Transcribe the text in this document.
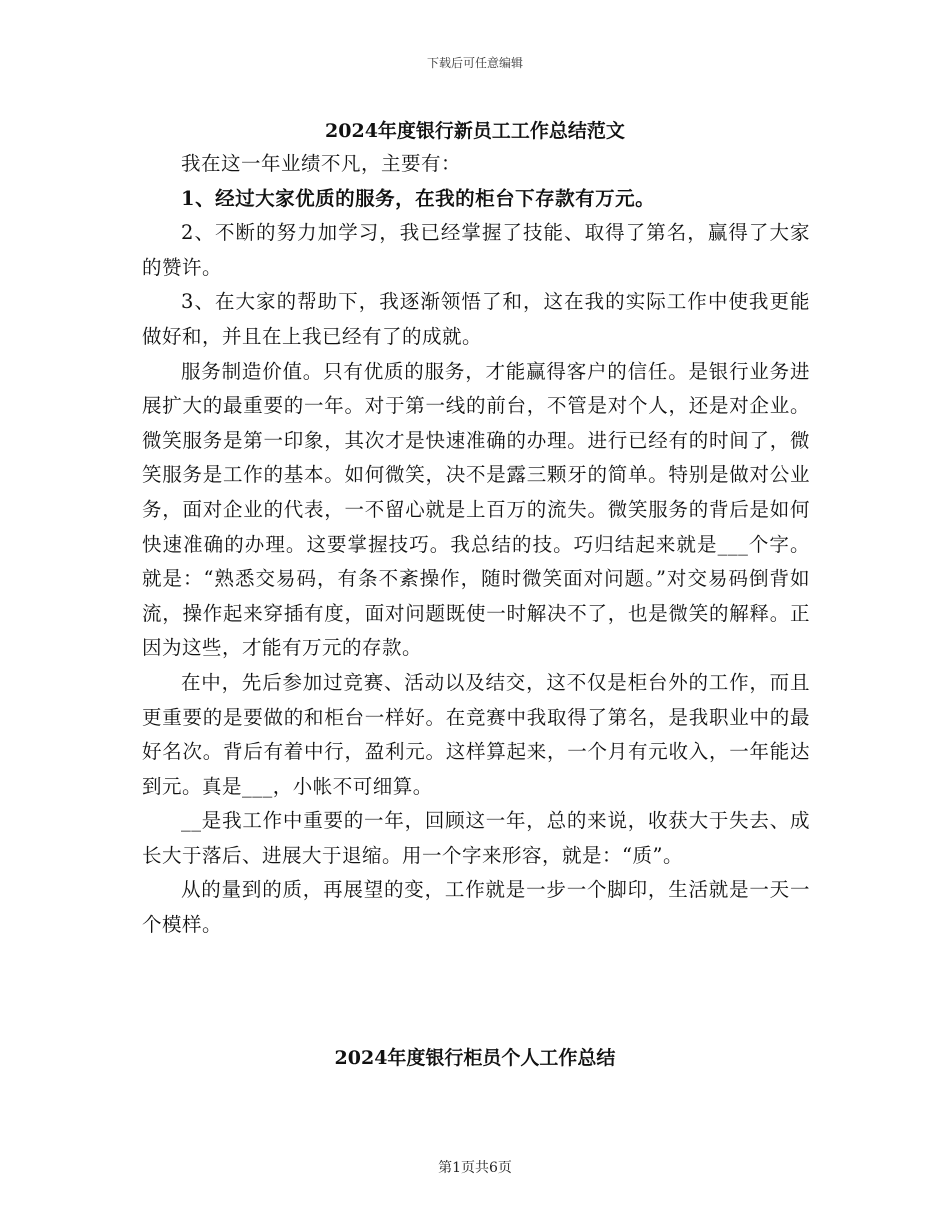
下载后可任意编辑
2024年度银行新员工工作总结范文

我在这一年业绩不凡，主要有：

1、经过大家优质的服务，在我的柜台下存款有万元。

2、不断的努力加学习，我已经掌握了技能、取得了第名，赢得了大家的赞许。

3、在大家的帮助下，我逐渐领悟了和，这在我的实际工作中使我更能做好和，并且在上我已经有了的成就。

服务制造价值。只有优质的服务，才能赢得客户的信任。是银行业务进展扩大的最重要的一年。对于第一线的前台，不管是对个人，还是对企业。微笑服务是第一印象，其次才是快速准确的办理。进行已经有的时间了，微笑服务是工作的基本。如何微笑，决不是露三颗牙的简单。特别是做对公业务，面对企业的代表，一不留心就是上百万的流失。微笑服务的背后是如何快速准确的办理。这要掌握技巧。我总结的技。巧归结起来就是___个字。就是：“熟悉交易码，有条不紊操作，随时微笑面对问题。”对交易码倒背如流，操作起来穿插有度，面对问题既使一时解决不了，也是微笑的解释。正因为这些，才能有万元的存款。

在中，先后参加过竞赛、活动以及结交，这不仅是柜台外的工作，而且更重要的是要做的和柜台一样好。在竞赛中我取得了第名，是我职业中的最好名次。背后有着中行，盈利元。这样算起来，一个月有元收入，一年能达到元。真是___，小帐不可细算。

__是我工作中重要的一年，回顾这一年，总的来说，收获大于失去、成长大于落后、进展大于退缩。用一个字来形容，就是：“质”。

从的量到的质，再展望的变，工作就是一步一个脚印，生活就是一天一个模样。

2024年度银行柜员个人工作总结
第1页共6页
